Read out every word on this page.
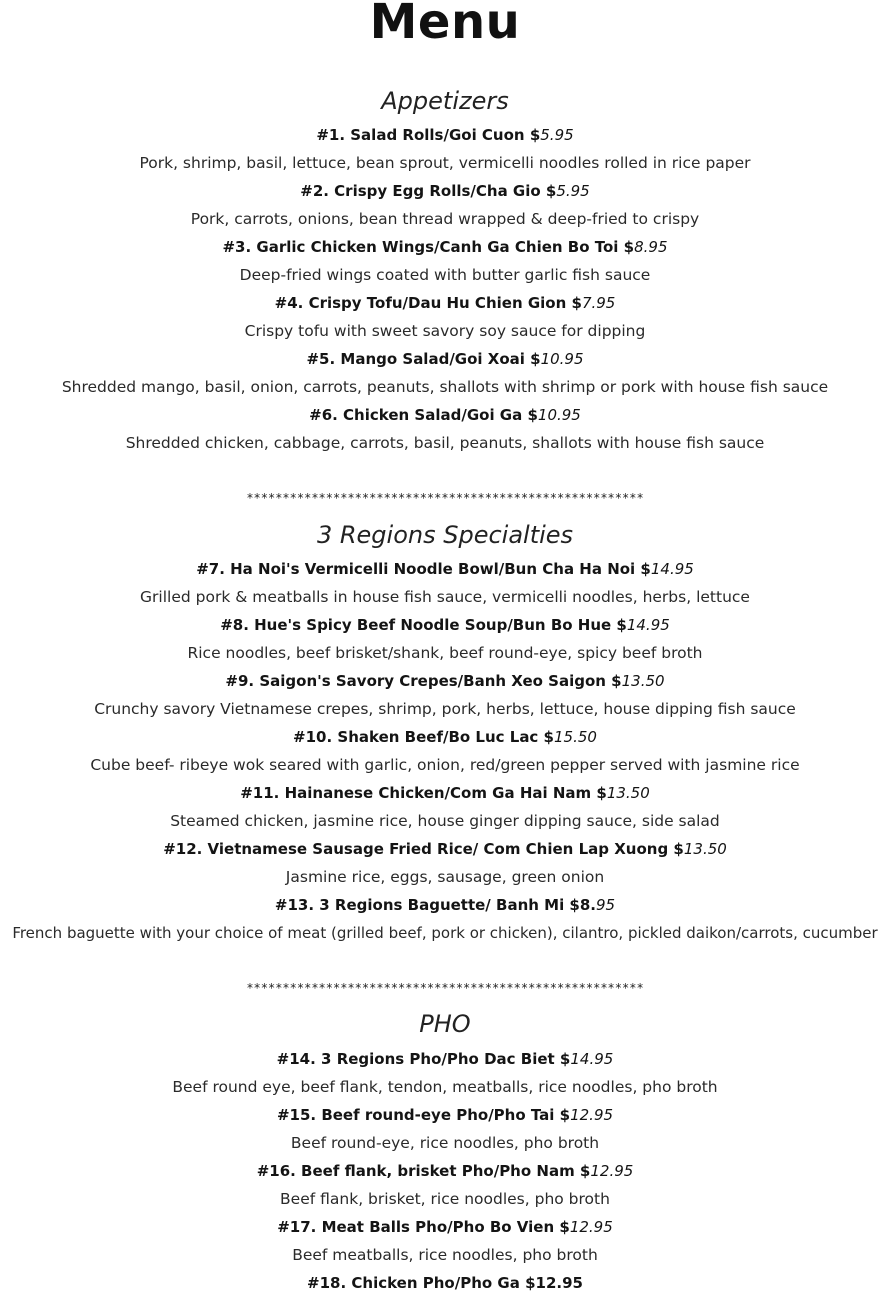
Menu
Appetizers
#1. Salad Rolls/Goi Cuon $5.95
Pork, shrimp, basil, lettuce, bean sprout, vermicelli noodles rolled in rice paper
#2. Crispy Egg Rolls/Cha Gio $5.95
Pork, carrots, onions, bean thread wrapped & deep-fried to crispy
#3. Garlic Chicken Wings/Canh Ga Chien Bo Toi $8.95
Deep-fried wings coated with butter garlic fish sauce
#4. Crispy Tofu/Dau Hu Chien Gion $7.95
Crispy tofu with sweet savory soy sauce for dipping
#5. Mango Salad/Goi Xoai $10.95
Shredded mango, basil, onion, carrots, peanuts, shallots with shrimp or pork with house fish sauce
#6. Chicken Salad/Goi Ga $10.95
Shredded chicken, cabbage, carrots, basil, peanuts, shallots with house fish sauce
*******************************************************
3 Regions Specialties
#7. Ha Noi's Vermicelli Noodle Bowl/Bun Cha Ha Noi $14.95
Grilled pork & meatballs in house fish sauce, vermicelli noodles, herbs, lettuce
#8. Hue's Spicy Beef Noodle Soup/Bun Bo Hue $14.95
Rice noodles, beef brisket/shank, beef round-eye, spicy beef broth
#9. Saigon's Savory Crepes/Banh Xeo Saigon $13.50
Crunchy savory Vietnamese crepes, shrimp, pork, herbs, lettuce, house dipping fish sauce
#10. Shaken Beef/Bo Luc Lac $15.50
Cube beef- ribeye wok seared with garlic, onion, red/green pepper served with jasmine rice
#11. Hainanese Chicken/Com Ga Hai Nam $13.50
Steamed chicken, jasmine rice, house ginger dipping sauce, side salad
#12. Vietnamese Sausage Fried Rice/ Com Chien Lap Xuong $13.50
Jasmine rice, eggs, sausage, green onion
#13. 3 Regions Baguette/ Banh Mi $8.95
French baguette with your choice of meat (grilled beef, pork or chicken), cilantro, pickled daikon/carrots, cucumber
*******************************************************
PHO
#14. 3 Regions Pho/Pho Dac Biet $14.95
Beef round eye, beef flank, tendon, meatballs, rice noodles, pho broth
#15. Beef round-eye Pho/Pho Tai $12.95
Beef round-eye, rice noodles, pho broth
#16. Beef flank, brisket Pho/Pho Nam $12.95
Beef flank, brisket, rice noodles, pho broth
#17. Meat Balls Pho/Pho Bo Vien $12.95
Beef meatballs, rice noodles, pho broth
#18. Chicken Pho/Pho Ga $12.95
